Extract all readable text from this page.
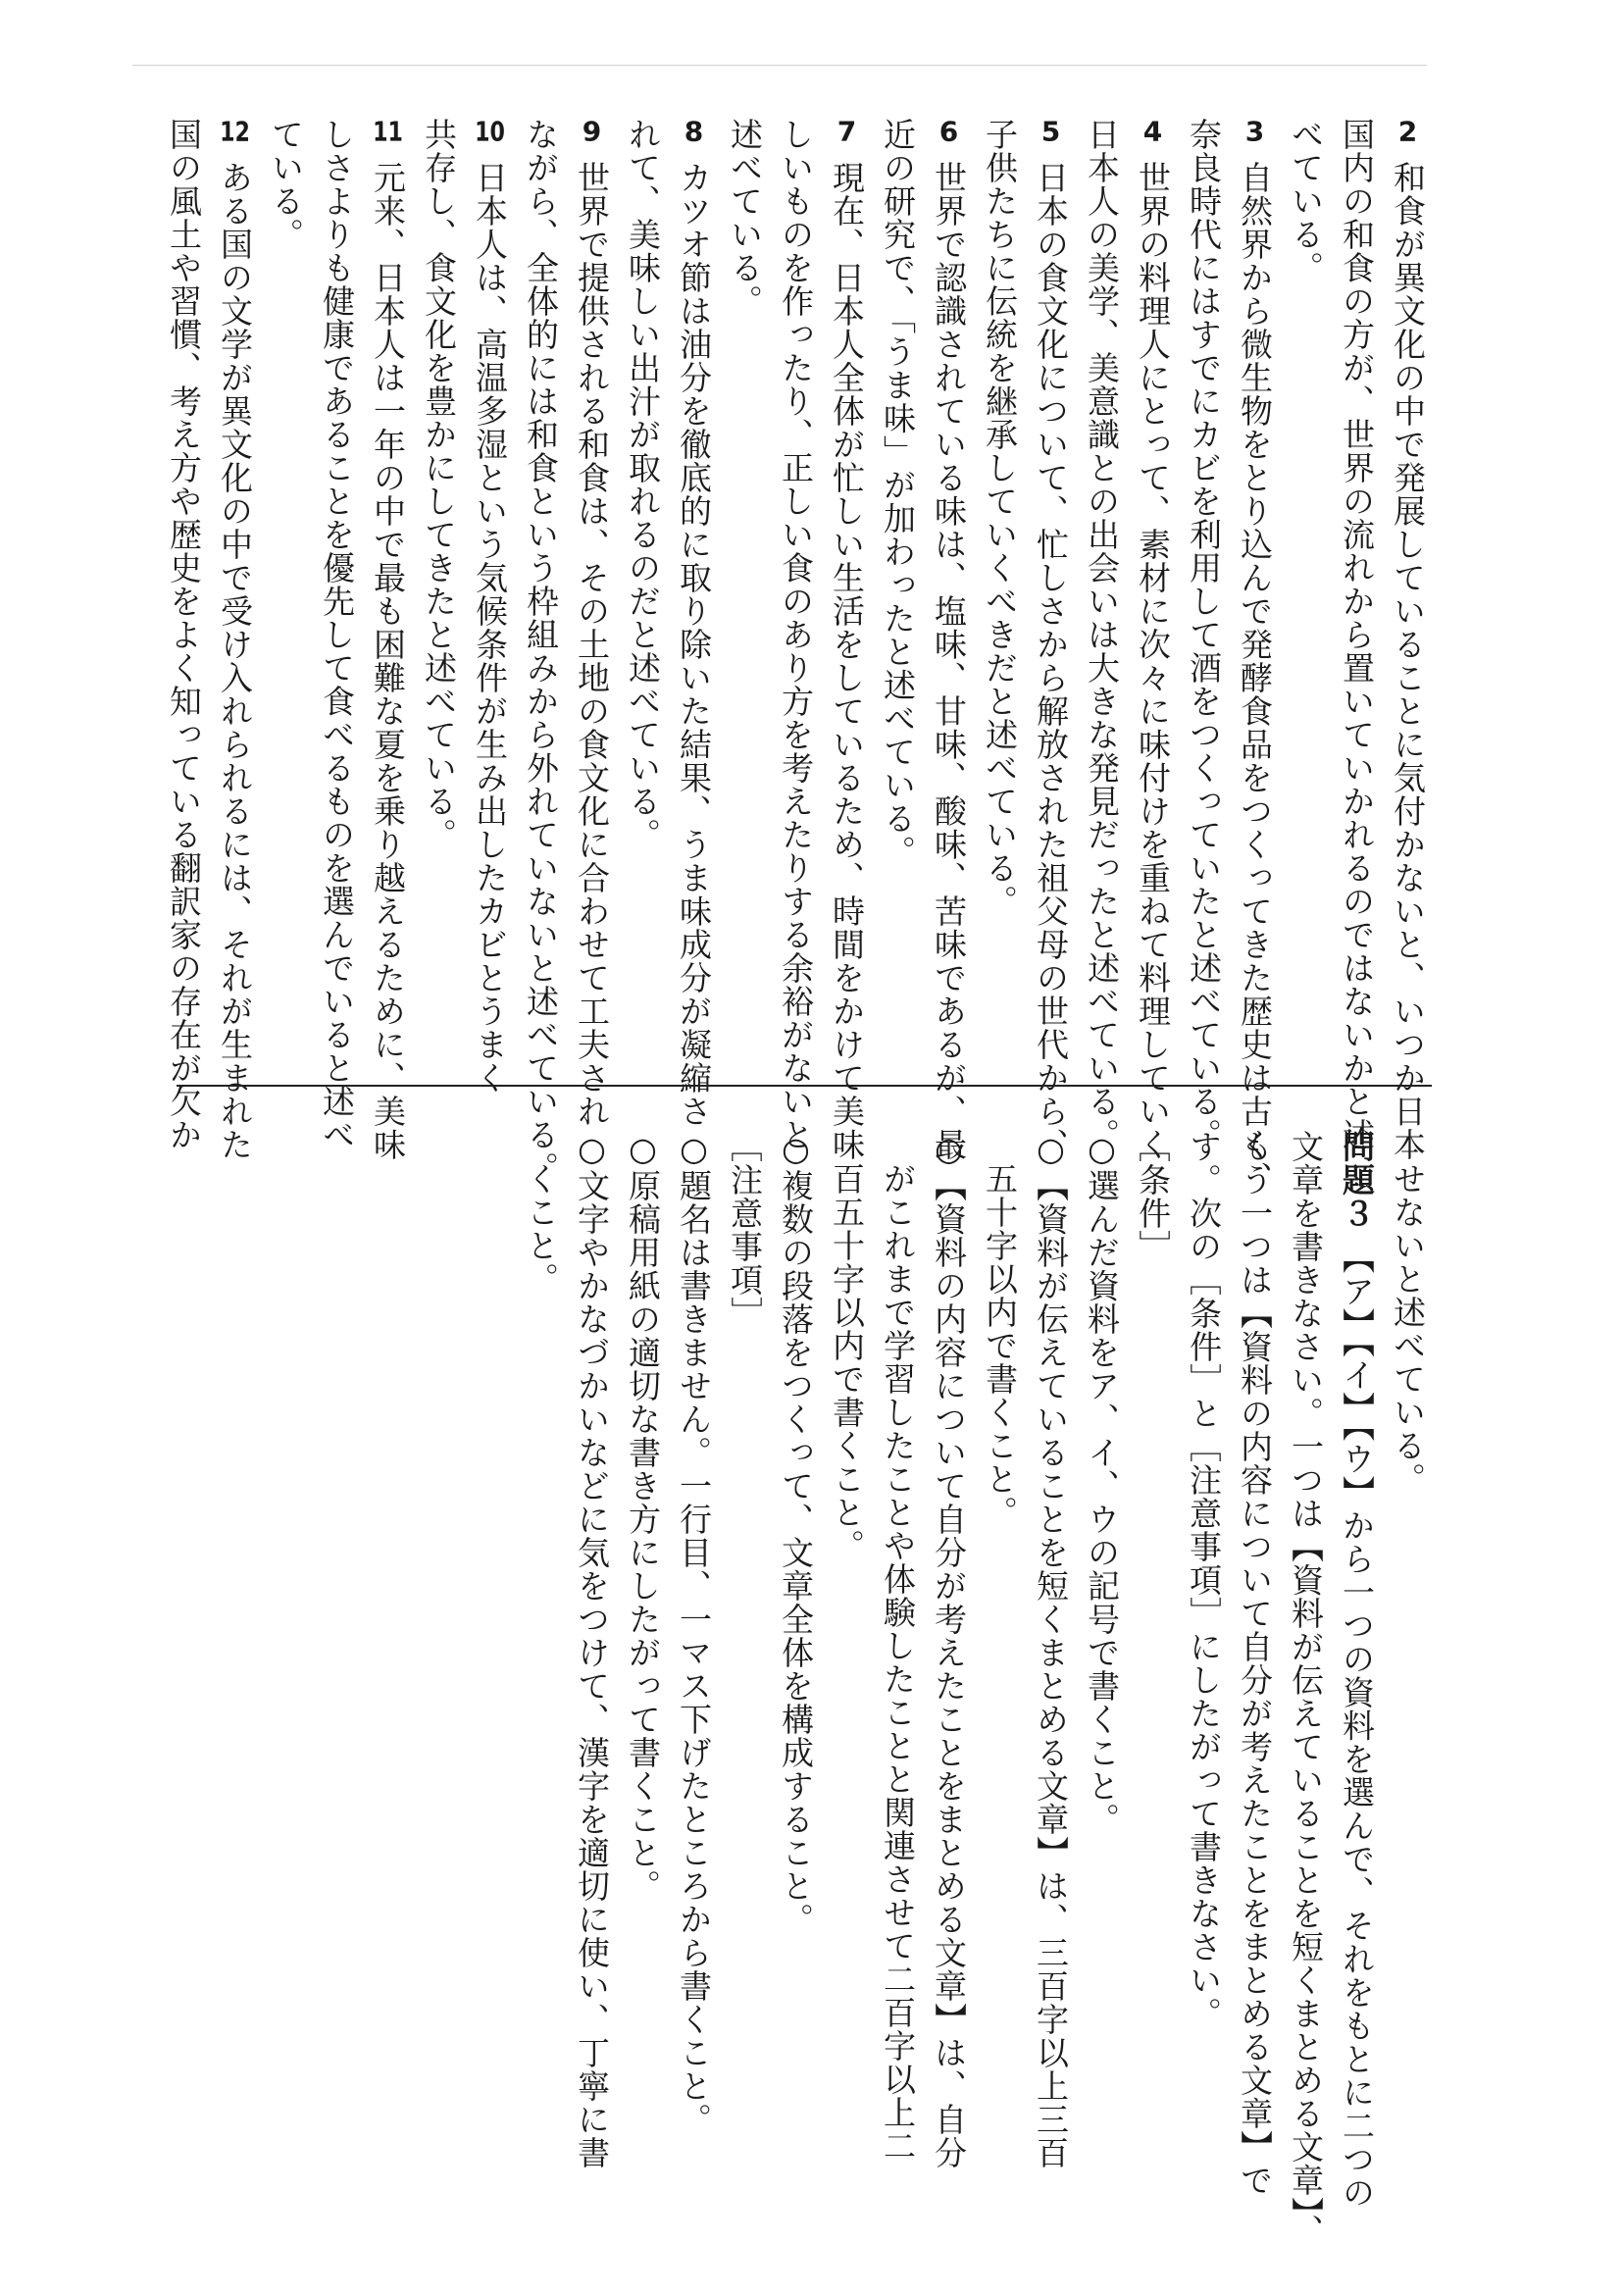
2和食が異文化の中で発展していることに気付かないと、いつか日本
国内の和食の方が、世界の流れから置いていかれるのではないかと述
べている。
3自然界から微生物をとり込んで発酵食品をつくってきた歴史は古く、
奈良時代にはすでにカビを利用して酒をつくっていたと述べている。
4世界の料理人にとって、素材に次々に味付けを重ねて料理していく
日本人の美学、美意識との出会いは大きな発見だったと述べている。
5日本の食文化について、忙しさから解放された祖父母の世代から、
子供たちに伝統を継承していくべきだと述べている。
6世界で認識されている味は、塩味、甘味、酸味、苦味であるが、最
近の研究で、「うま味」が加わったと述べている。
7現在、日本人全体が忙しい生活をしているため、時間をかけて美味
しいものを作ったり、正しい食のあり方を考えたりする余裕がないと
述べている。
8カツオ節は油分を徹底的に取り除いた結果、うま味成分が凝縮さ
れて、美味しい出汁が取れるのだと述べている。
9世界で提供される和食は、その土地の食文化に合わせて工夫され
ながら、全体的には和食という枠組みから外れていないと述べている。
10日本人は、高温多湿という気候条件が生み出したカビとうまく
共存し、食文化を豊かにしてきたと述べている。
11元来、日本人は一年の中で最も困難な夏を乗り越えるために、美味
しさよりも健康であることを優先して食べるものを選んでいると述べ
ている。
12ある国の文学が異文化の中で受け入れられるには、それが生まれた
国の風土や習慣、考え方や歴史をよく知っている翻訳家の存在が欠か
せないと述べている。
問題３ 【ア】【イ】【ウ】から一つの資料を選んで、それをもとに二つの
文章を書きなさい。一つは【資料が伝えていることを短くまとめる文章】、
もう一つは【資料の内容について自分が考えたことをまとめる文章】で
す。次の［条件］と［注意事項］にしたがって書きなさい。
［条件］
○選んだ資料をア、イ、ウの記号で書くこと。
○【資料が伝えていることを短くまとめる文章】は、三百字以上三百
五十字以内で書くこと。
○【資料の内容について自分が考えたことをまとめる文章】は、自分
がこれまで学習したことや体験したことと関連させて二百字以上二
百五十字以内で書くこと。
○複数の段落をつくって、文章全体を構成すること。
［注意事項］
○題名は書きません。一行目、一マス下げたところから書くこと。
○原稿用紙の適切な書き方にしたがって書くこと。
○文字やかなづかいなどに気をつけて、漢字を適切に使い、丁寧に書
くこと。
